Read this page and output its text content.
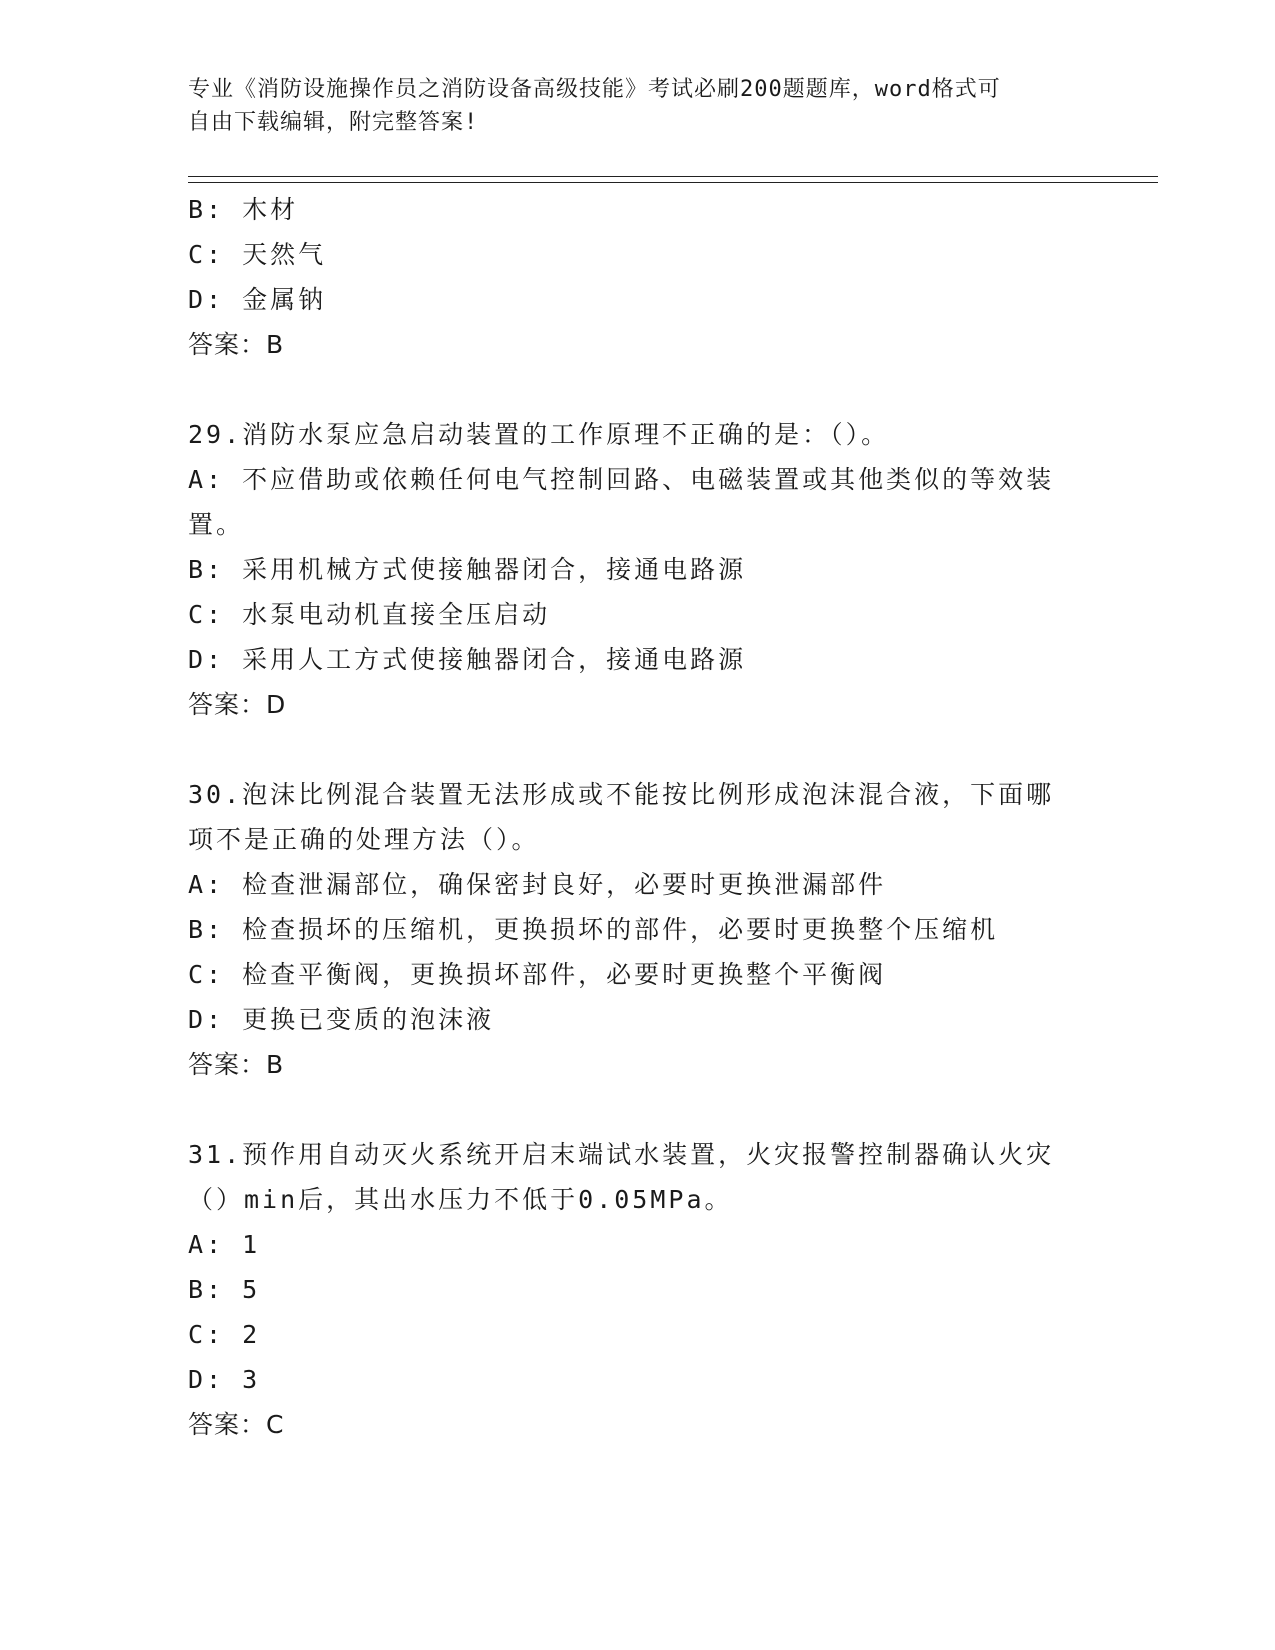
专业《消防设施操作员之消防设备高级技能》考试必刷200题题库，word格式可
自由下载编辑，附完整答案!
B: 木材
C: 天然气
D: 金属钠
答案：B
29.消防水泵应急启动装置的工作原理不正确的是：（）。
A: 不应借助或依赖任何电气控制回路、电磁装置或其他类似的等效装
置。
B: 采用机械方式使接触器闭合，接通电路源
C: 水泵电动机直接全压启动
D: 采用人工方式使接触器闭合，接通电路源
答案：D
30.泡沫比例混合装置无法形成或不能按比例形成泡沫混合液，下面哪
项不是正确的处理方法（）。
A: 检查泄漏部位，确保密封良好，必要时更换泄漏部件
B: 检查损坏的压缩机，更换损坏的部件，必要时更换整个压缩机
C: 检查平衡阀，更换损坏部件，必要时更换整个平衡阀
D: 更换已变质的泡沫液
答案：B
31.预作用自动灭火系统开启末端试水装置，火灾报警控制器确认火灾
（）min后，其出水压力不低于0.05MPa。
A: 1
B: 5
C: 2
D: 3
答案：C
